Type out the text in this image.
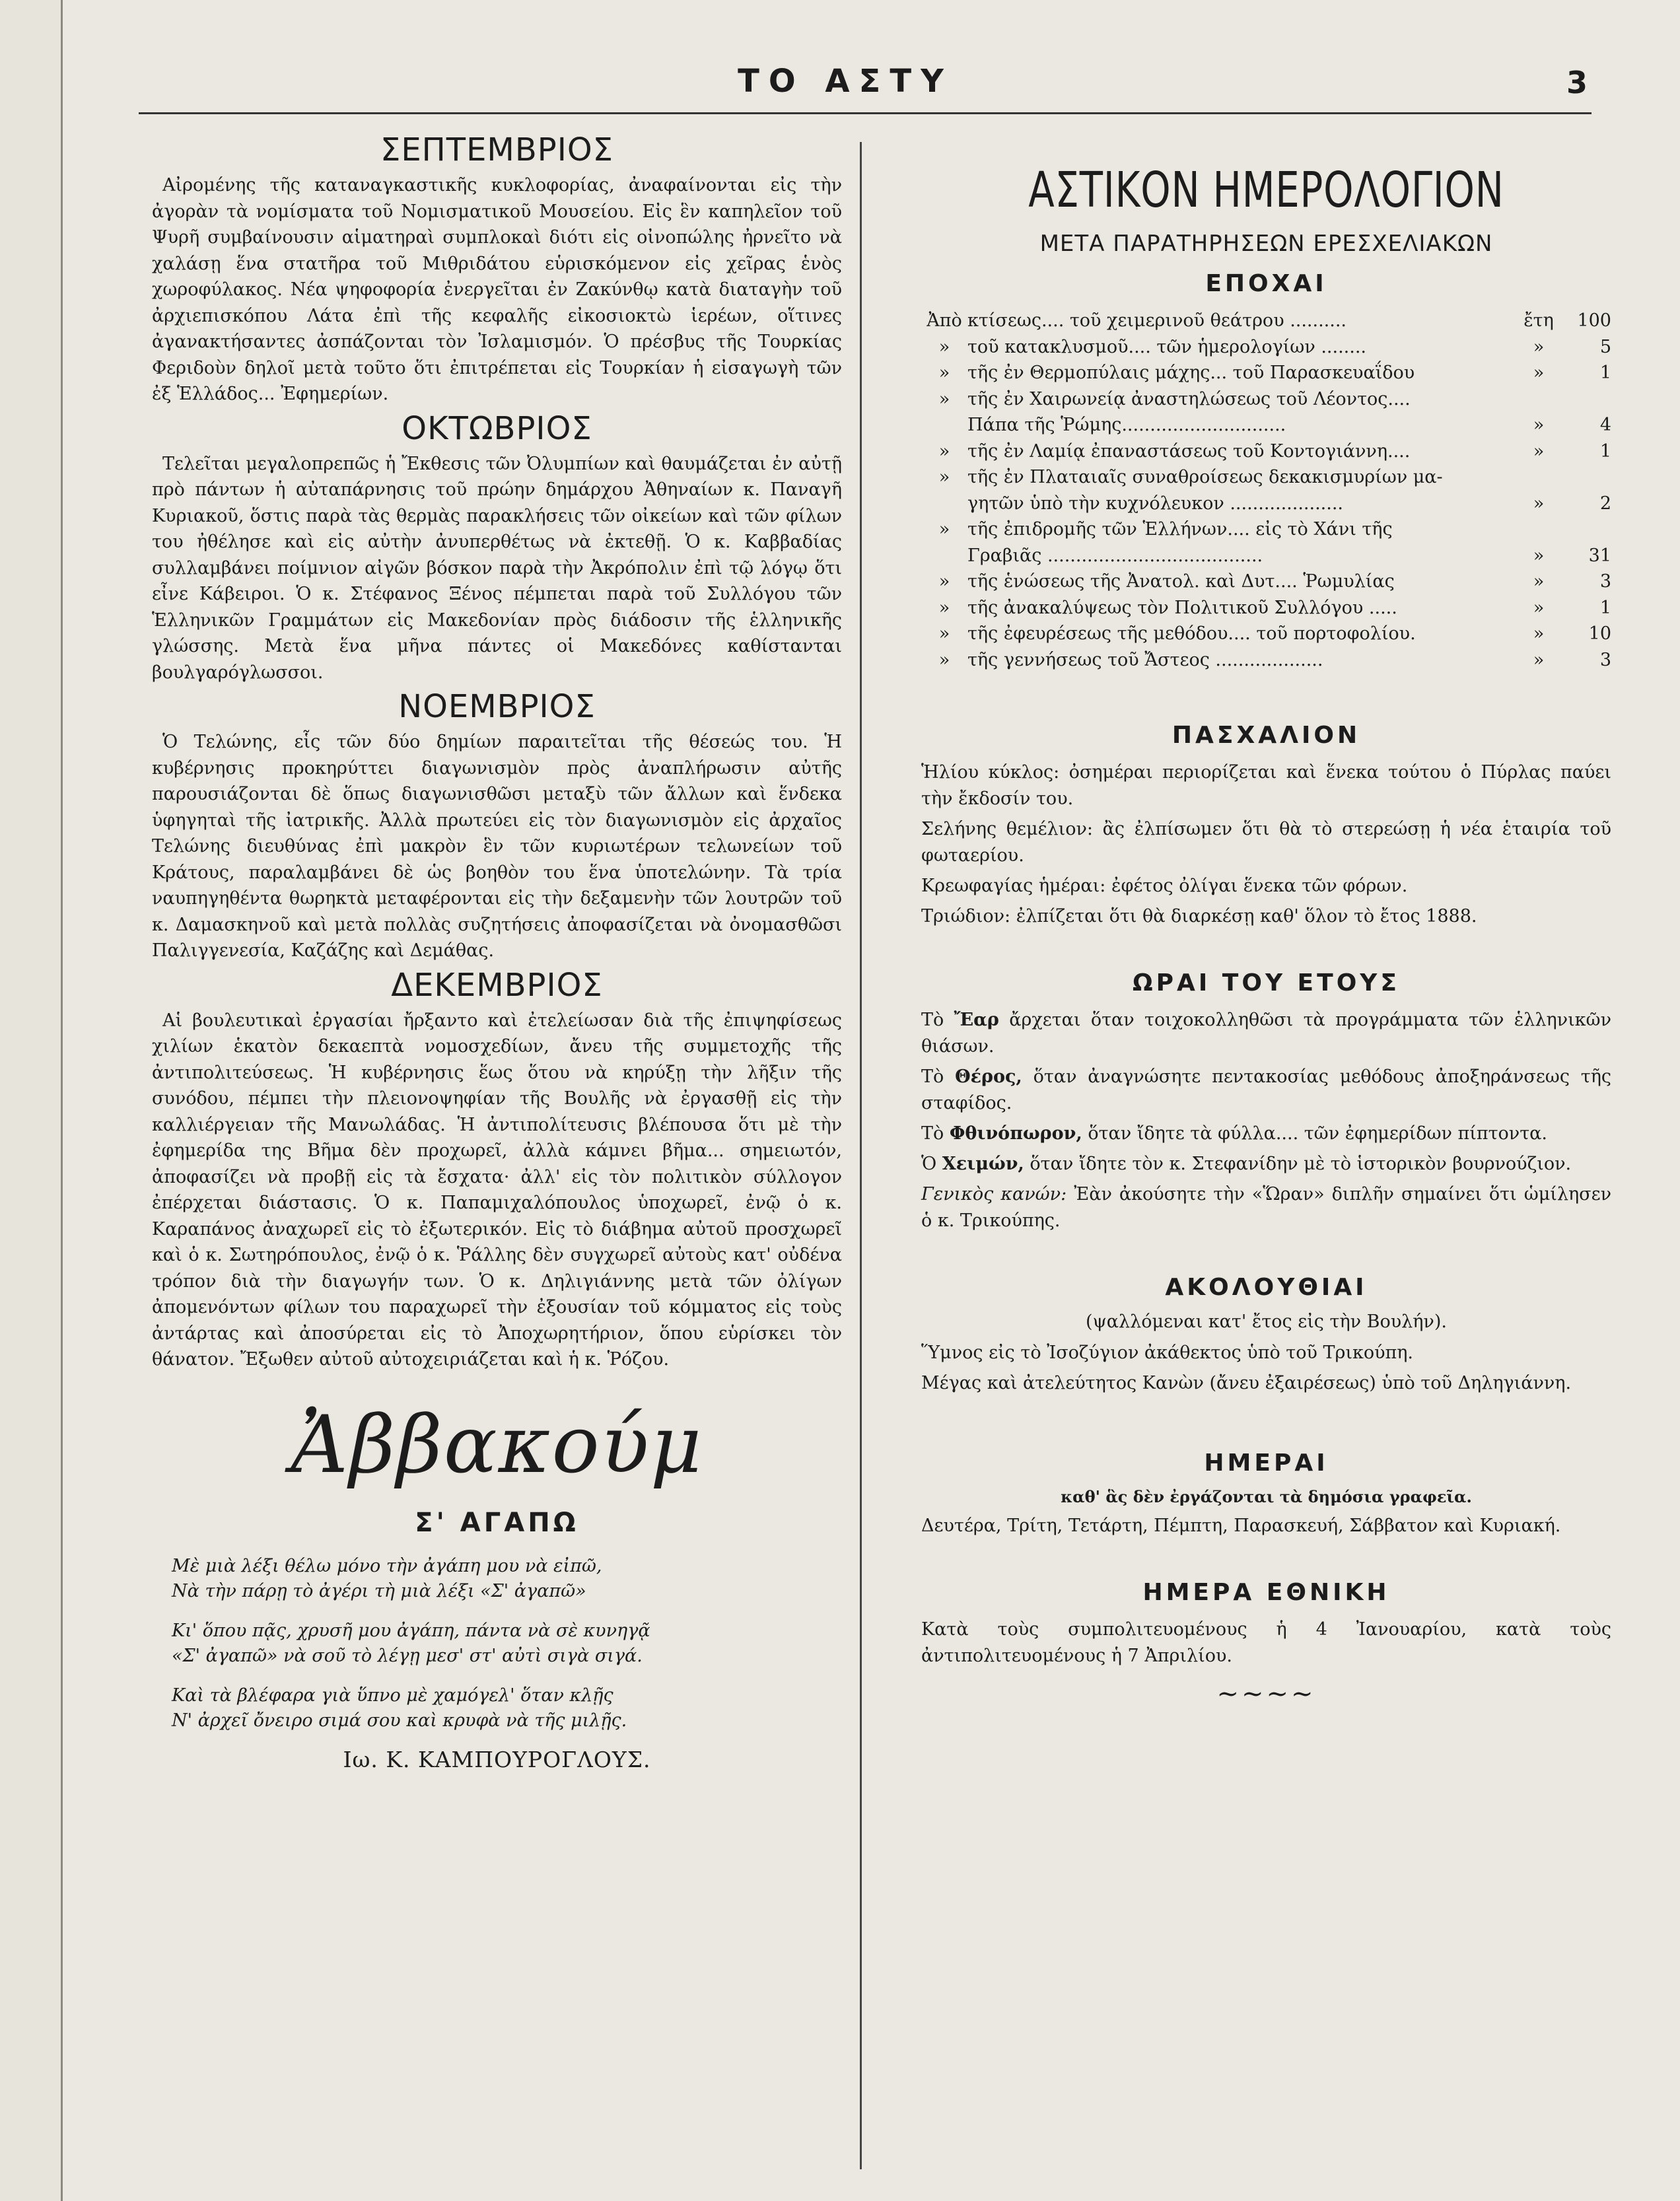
ΤΟ ΑΣΤΥ	3
ΣΕΠΤΕΜΒΡΙΟΣ

Αἰρομένης τῆς καταναγκαστικῆς κυκλοφορίας, ἀναφαίνονται εἰς τὴν ἀγορὰν τὰ νομίσματα τοῦ Νομισματικοῦ Μουσείου. Εἰς ἓν καπηλεῖον τοῦ Ψυρῆ συμβαίνουσιν αἱματηραὶ συμπλοκαὶ διότι εἰς οἰνοπώλης ἠρνεῖτο νὰ χαλάσῃ ἕνα στατῆρα τοῦ Μιθριδάτου εὑρισκόμενον εἰς χεῖρας ἑνὸς χωροφύλακος. Νέα ψηφοφορία ἐνεργεῖται ἐν Ζακύνθῳ κατὰ διαταγὴν τοῦ ἀρχιεπισκόπου Λάτα ἐπὶ τῆς κεφαλῆς εἰκοσιοκτὼ ἱερέων, οἵτινες ἀγανακτήσαντες ἀσπάζονται τὸν Ἰσλαμισμόν. Ὁ πρέσβυς τῆς Τουρκίας Φεριδοὺν δηλοῖ μετὰ τοῦτο ὅτι ἐπιτρέπεται εἰς Τουρκίαν ἡ εἰσαγωγὴ τῶν ἐξ Ἑλλάδος... Ἐφημερίων.

ΟΚΤΩΒΡΙΟΣ

Τελεῖται μεγαλοπρεπῶς ἡ Ἔκθεσις τῶν Ὀλυμπίων καὶ θαυμάζεται ἐν αὐτῇ πρὸ πάντων ἡ αὐταπάρνησις τοῦ πρώην δημάρχου Ἀθηναίων κ. Παναγῆ Κυριακοῦ, ὅστις παρὰ τὰς θερμὰς παρακλήσεις τῶν οἰκείων καὶ τῶν φίλων του ἠθέλησε καὶ εἰς αὐτὴν ἀνυπερθέτως νὰ ἐκτεθῇ. Ὁ κ. Καββαδίας συλλαμβάνει ποίμνιον αἰγῶν βόσκον παρὰ τὴν Ἀκρόπολιν ἐπὶ τῷ λόγῳ ὅτι εἶνε Κάβειροι. Ὁ κ. Στέφανος Ξένος πέμπεται παρὰ τοῦ Συλλόγου τῶν Ἑλληνικῶν Γραμμάτων εἰς Μακεδονίαν πρὸς διάδοσιν τῆς ἑλληνικῆς γλώσσης. Μετὰ ἕνα μῆνα πάντες οἱ Μακεδόνες καθίστανται βουλγαρόγλωσσοι.

ΝΟΕΜΒΡΙΟΣ

Ὁ Τελώνης, εἷς τῶν δύο δημίων παραιτεῖται τῆς θέσεώς του. Ἡ κυβέρνησις προκηρύττει διαγωνισμὸν πρὸς ἀναπλήρωσιν αὐτῆς παρουσιάζονται δὲ ὅπως διαγωνισθῶσι μεταξὺ τῶν ἄλλων καὶ ἕνδεκα ὑφηγηταὶ τῆς ἰατρικῆς. Ἀλλὰ πρωτεύει εἰς τὸν διαγωνισμὸν εἰς ἀρχαῖος Τελώνης διευθύνας ἐπὶ μακρὸν ἓν τῶν κυριωτέρων τελωνείων τοῦ Κράτους, παραλαμβάνει δὲ ὡς βοηθὸν του ἕνα ὑποτελώνην. Τὰ τρία ναυπηγηθέντα θωρηκτὰ μεταφέρονται εἰς τὴν δεξαμενὴν τῶν λουτρῶν τοῦ κ. Δαμασκηνοῦ καὶ μετὰ πολλὰς συζητήσεις ἀποφασίζεται νὰ ὀνομασθῶσι Παλιγγενεσία, Καζάζης καὶ Δεμάθας.

ΔΕΚΕΜΒΡΙΟΣ

Αἱ βουλευτικαὶ ἐργασίαι ἤρξαντο καὶ ἐτελείωσαν διὰ τῆς ἐπιψηφίσεως χιλίων ἑκατὸν δεκαεπτὰ νομοσχεδίων, ἄνευ τῆς συμμετοχῆς τῆς ἀντιπολιτεύσεως. Ἡ κυβέρνησις ἕως ὅτου νὰ κηρύξῃ τὴν λῆξιν τῆς συνόδου, πέμπει τὴν πλειονοψηφίαν τῆς Βουλῆς νὰ ἐργασθῇ εἰς τὴν καλλιέργειαν τῆς Μανωλάδας. Ἡ ἀντιπολίτευσις βλέπουσα ὅτι μὲ τὴν ἐφημερίδα της Βῆμα δὲν προχωρεῖ, ἀλλὰ κάμνει βῆμα... σημειωτόν, ἀποφασίζει νὰ προβῇ εἰς τὰ ἔσχατα· ἀλλ' εἰς τὸν πολιτικὸν σύλλογον ἐπέρχεται διάστασις. Ὁ κ. Παπαμιχαλόπουλος ὑποχωρεῖ, ἐνῷ ὁ κ. Καραπάνος ἀναχωρεῖ εἰς τὸ ἐξωτερικόν. Εἰς τὸ διάβημα αὐτοῦ προσχωρεῖ καὶ ὁ κ. Σωτηρόπουλος, ἐνῷ ὁ κ. Ῥάλλης δὲν συγχωρεῖ αὐτοὺς κατ' οὐδένα τρόπον διὰ τὴν διαγωγήν των. Ὁ κ. Δηλιγιάννης μετὰ τῶν ὀλίγων ἀπομενόντων φίλων του παραχωρεῖ τὴν ἐξουσίαν τοῦ κόμματος εἰς τοὺς ἀντάρτας καὶ ἀποσύρεται εἰς τὸ Ἀποχωρητήριον, ὅπου εὑρίσκει τὸν θάνατον. Ἔξωθεν αὐτοῦ αὐτοχειριάζεται καὶ ἡ κ. Ῥόζου.

Ἀββακούμ
Σ' ΑΓΑΠΩ
Μὲ μιὰ λέξι θέλω μόνο τὴν ἀγάπη μου νὰ εἰπῶ,
Νὰ τὴν πάρῃ τὸ ἀγέρι τὴ μιὰ λέξι «Σ' ἀγαπῶ»
Κι' ὅπου πᾷς, χρυσῆ μου ἀγάπη, πάντα νὰ σὲ κυνηγᾷ
«Σ' ἀγαπῶ» νὰ σοῦ τὸ λέγῃ μεσ' στ' αὐτὶ σιγὰ σιγά.
Καὶ τὰ βλέφαρα γιὰ ὕπνο μὲ χαμόγελ' ὅταν κλῇς
Ν' ἀρχεῖ ὄνειρο σιμά σου καὶ κρυφὰ νὰ τῆς μιλῇς.
Ιω. Κ. ΚΑΜΠΟΥΡΟΓΛΟΥΣ.
ΑΣΤΙΚΟΝ ΗΜΕΡΟΛΟΓΙΟΝ
ΜΕΤΑ ΠΑΡΑΤΗΡΗΣΕΩΝ ΕΡΕΣΧΕΛΙΑΚΩΝ
ΕΠΟΧΑΙ
Ἀπὸ κτίσεως.... τοῦ χειμερινοῦ θεάτρου ..........	ἔτη	100
» τοῦ κατακλυσμοῦ.... τῶν ἡμερολογίων ........	»	5
» τῆς ἐν Θερμοπύλαις μάχης... τοῦ Παρασκευαΐδου	»	1
» τῆς ἐν Χαιρωνείᾳ ἀναστηλώσεως τοῦ Λέοντος....
Πάπα τῆς Ῥώμης.............................	»	4
» τῆς ἐν Λαμίᾳ ἐπαναστάσεως τοῦ Κοντογιάννη....	»	1
» τῆς ἐν Πλαταιαῖς συναθροίσεως δεκακισμυρίων μα-
γητῶν ὑπὸ τὴν κυχνόλευκον ....................	»	2
» τῆς ἐπιδρομῆς τῶν Ἑλλήνων.... εἰς τὸ Χάνι τῆς
Γραβιᾶς ......................................	»	31
» τῆς ἑνώσεως τῆς Ἀνατολ. καὶ Δυτ.... Ῥωμυλίας	»	3
» τῆς ἀνακαλύψεως τὸν Πολιτικοῦ Συλλόγου .....	»	1
» τῆς ἐφευρέσεως τῆς μεθόδου.... τοῦ πορτοφολίου.	»	10
» τῆς γεννήσεως τοῦ Ἄστεος ...................	»	3
ΠΑΣΧΑΛΙΟΝ
Ἡλίου κύκλος: ὀσημέραι περιορίζεται καὶ ἕνεκα τούτου ὁ Πύρλας παύει τὴν ἔκδοσίν του.
Σελήνης θεμέλιον: ἂς ἐλπίσωμεν ὅτι θὰ τὸ στερεώσῃ ἡ νέα ἑταιρία τοῦ φωταερίου.
Κρεωφαγίας ἡμέραι: ἐφέτος ὀλίγαι ἕνεκα τῶν φόρων.
Τριώδιον: ἐλπίζεται ὅτι θὰ διαρκέσῃ καθ' ὅλον τὸ ἔτος 1888.
ΩΡΑΙ ΤΟΥ ΕΤΟΥΣ
Τὸ Ἔαρ ἄρχεται ὅταν τοιχοκολληθῶσι τὰ προγράμματα τῶν ἑλληνικῶν θιάσων.
Τὸ Θέρος, ὅταν ἀναγνώσητε πεντακοσίας μεθόδους ἀποξηράνσεως τῆς σταφίδος.
Τὸ Φθινόπωρον, ὅταν ἴδητε τὰ φύλλα.... τῶν ἐφημερίδων πίπτοντα.
Ὁ Χειμών, ὅταν ἴδητε τὸν κ. Στεφανίδην μὲ τὸ ἱστορικὸν βουρνούζιον.
Γενικὸς κανών: Ἐὰν ἀκούσητε τὴν «Ὥραν» διπλῆν σημαίνει ὅτι ὡμίλησεν ὁ κ. Τρικούπης.
ΑΚΟΛΟΥΘΙΑΙ
(ψαλλόμεναι κατ' ἔτος εἰς τὴν Βουλήν).
Ὕμνος εἰς τὸ Ἰσοζύγιον ἀκάθεκτος ὑπὸ τοῦ Τρικούπη.
Μέγας καὶ ἀτελεύτητος Κανὼν (ἄνευ ἐξαιρέσεως) ὑπὸ τοῦ Δηληγιάννη.
ΗΜΕΡΑΙ
καθ' ἃς δὲν ἐργάζονται τὰ δημόσια γραφεῖα.
Δευτέρα, Τρίτη, Τετάρτη, Πέμπτη, Παρασκευή, Σάββατον καὶ Κυριακή.
ΗΜΕΡΑ ΕΘΝΙΚΗ
Κατὰ τοὺς συμπολιτευομένους ἡ 4 Ἰανουαρίου, κατὰ τοὺς ἀντιπολιτευομένους ἡ 7 Ἀπριλίου.
~~~~
